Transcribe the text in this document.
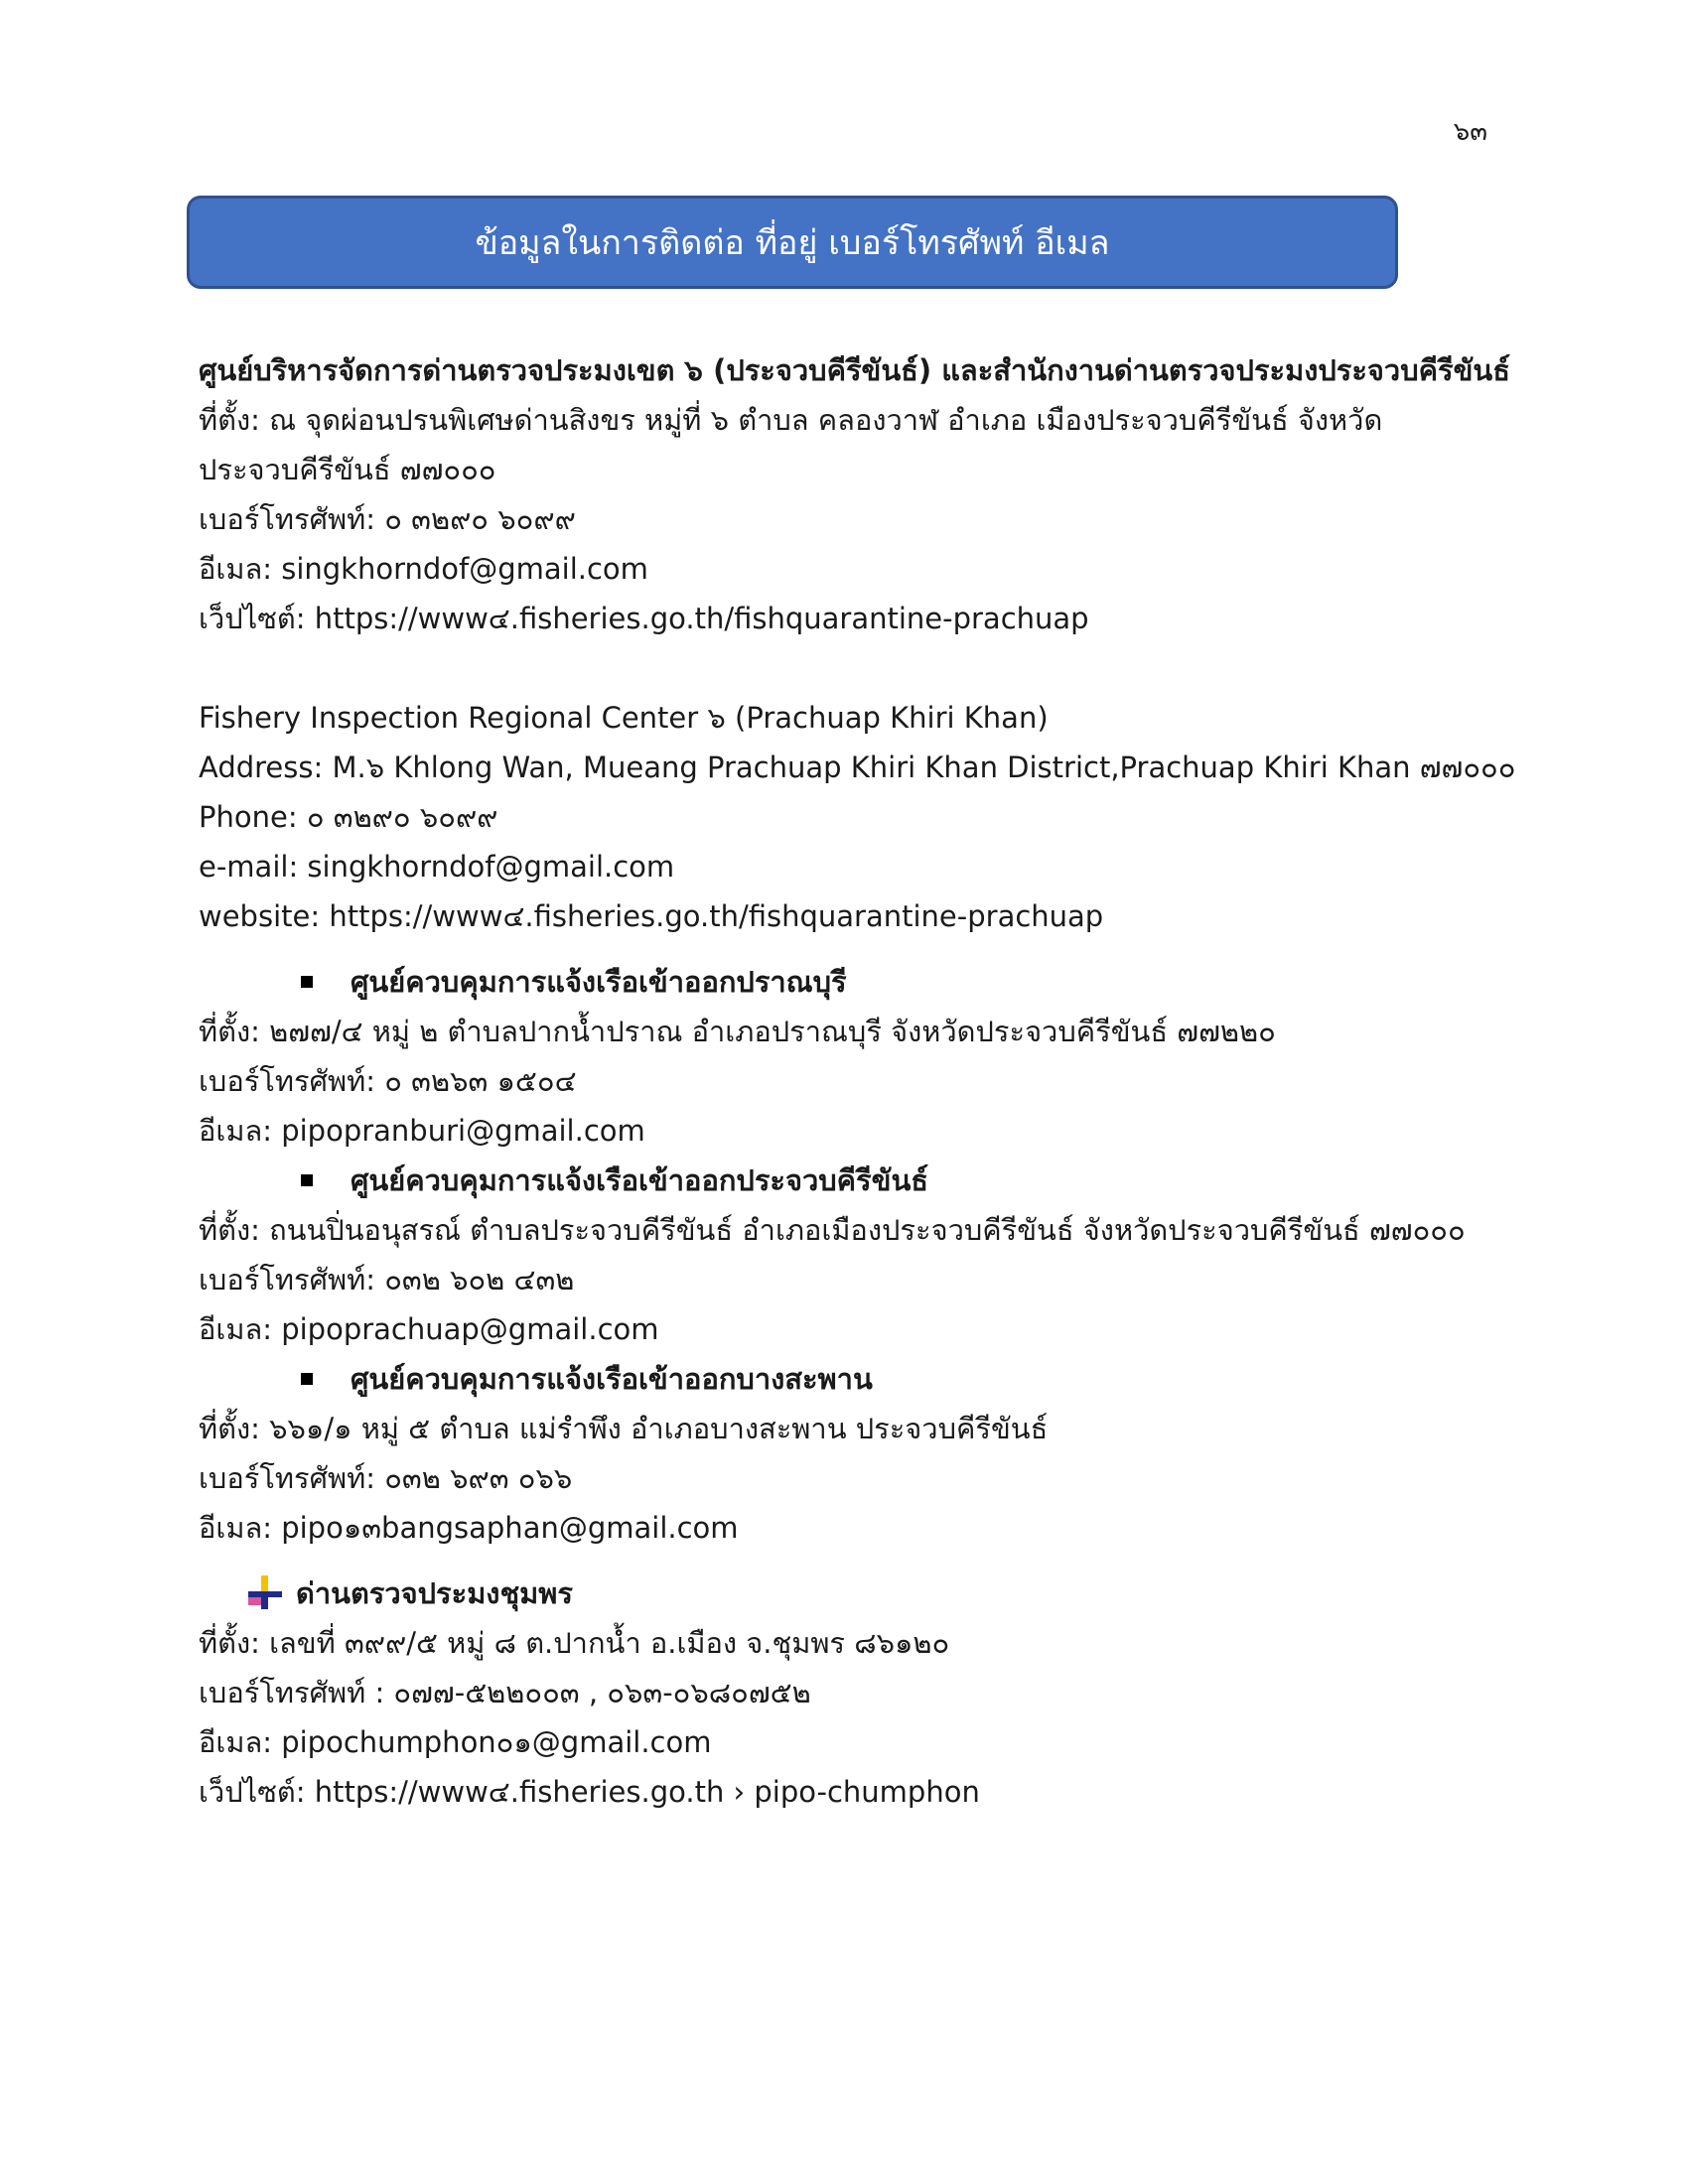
๖๓
ข้อมูลในการติดต่อ ที่อยู่ เบอร์โทรศัพท์ อีเมล
ศูนย์บริหารจัดการด่านตรวจประมงเขต ๖ (ประจวบคีรีขันธ์) และสำนักงานด่านตรวจประมงประจวบคีรีขันธ์
ที่ตั้ง: ณ จุดผ่อนปรนพิเศษด่านสิงขร หมู่ที่ ๖ ตำบล คลองวาฬ อำเภอ เมืองประจวบคีรีขันธ์ จังหวัด
ประจวบคีรีขันธ์ ๗๗๐๐๐
เบอร์โทรศัพท์: ๐ ๓๒๙๐ ๖๐๙๙
อีเมล: singkhorndof@gmail.com
เว็ปไซต์: https://www๔.fisheries.go.th/fishquarantine-prachuap
Fishery Inspection Regional Center ๖ (Prachuap Khiri Khan)
Address: M.๖ Khlong Wan, Mueang Prachuap Khiri Khan District,Prachuap Khiri Khan ๗๗๐๐๐
Phone: ๐ ๓๒๙๐ ๖๐๙๙
e-mail: singkhorndof@gmail.com
website: https://www๔.fisheries.go.th/fishquarantine-prachuap
ศูนย์ควบคุมการแจ้งเรือเข้าออกปราณบุรี
ที่ตั้ง: ๒๗๗/๔ หมู่ ๒ ตำบลปากน้ำปราณ อำเภอปราณบุรี จังหวัดประจวบคีรีขันธ์ ๗๗๒๒๐
เบอร์โทรศัพท์: ๐ ๓๒๖๓ ๑๕๐๔
อีเมล: pipopranburi@gmail.com
ศูนย์ควบคุมการแจ้งเรือเข้าออกประจวบคีรีขันธ์
ที่ตั้ง: ถนนปิ่นอนุสรณ์ ตำบลประจวบคีรีขันธ์ อำเภอเมืองประจวบคีรีขันธ์ จังหวัดประจวบคีรีขันธ์ ๗๗๐๐๐
เบอร์โทรศัพท์: ๐๓๒ ๖๐๒ ๔๓๒
อีเมล: pipoprachuap@gmail.com
ศูนย์ควบคุมการแจ้งเรือเข้าออกบางสะพาน
ที่ตั้ง: ๖๖๑/๑ หมู่ ๕ ตำบล แม่รำพึง อำเภอบางสะพาน ประจวบคีรีขันธ์
เบอร์โทรศัพท์: ๐๓๒ ๖๙๓ ๐๖๖
อีเมล: pipo๑๓bangsaphan@gmail.com
ด่านตรวจประมงชุมพร
ที่ตั้ง: เลขที่ ๓๙๙/๕ หมู่ ๘ ต.ปากน้ำ อ.เมือง จ.ชุมพร ๘๖๑๒๐
เบอร์โทรศัพท์ : ๐๗๗-๕๒๒๐๐๓ , ๐๖๓-๐๖๘๐๗๕๒
อีเมล: pipochumphon๐๑@gmail.com
เว็ปไซต์: https://www๔.fisheries.go.th › pipo-chumphon
